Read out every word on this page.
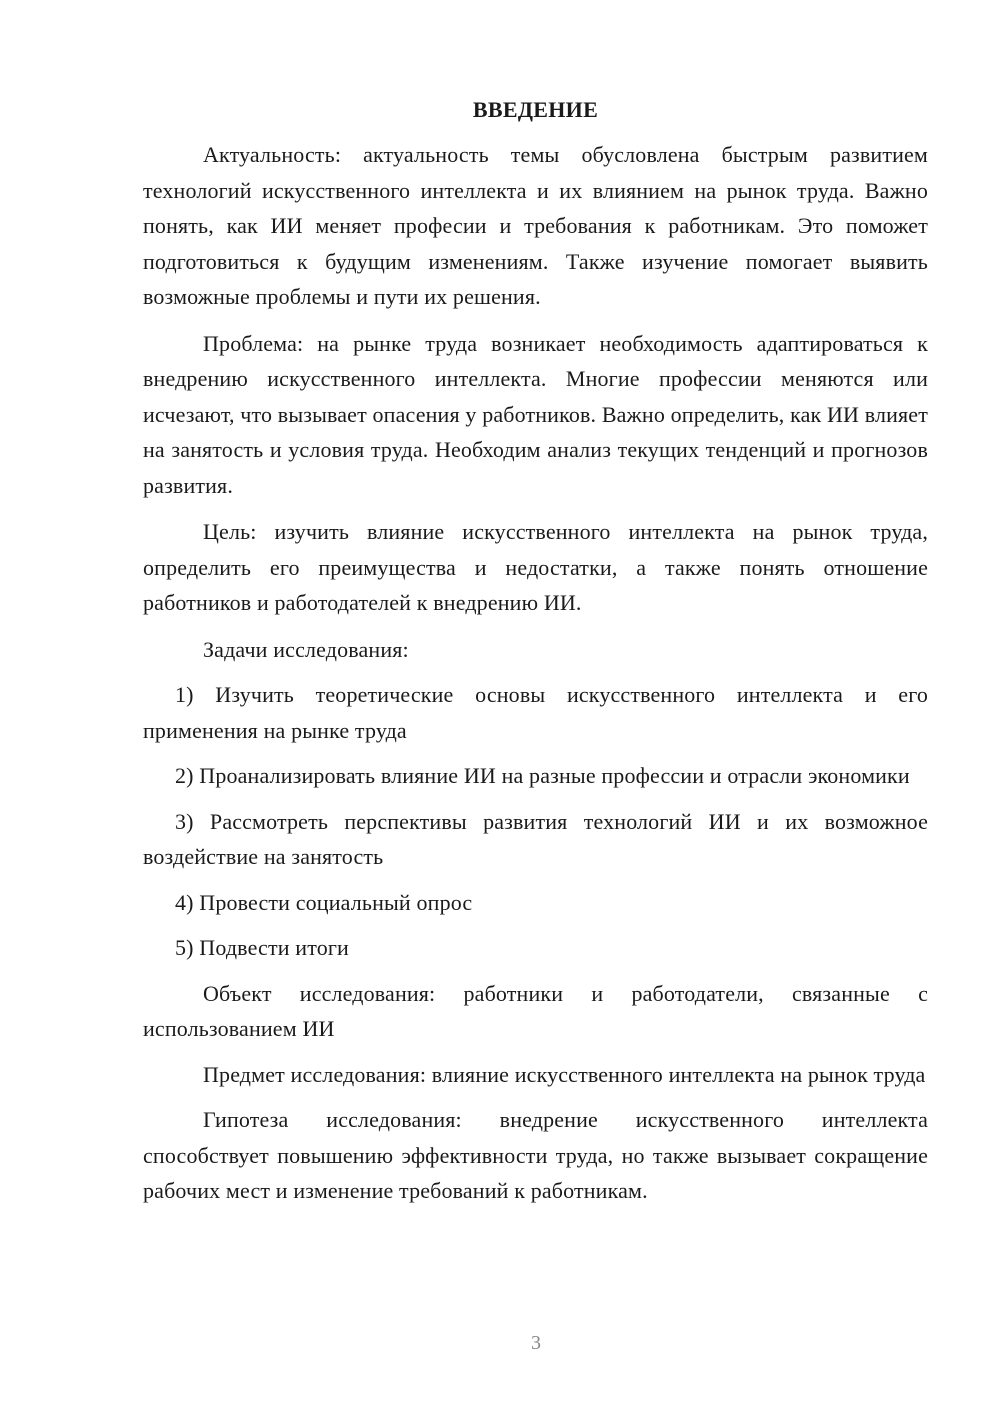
ВВЕДЕНИЕ

Актуальность: актуальность темы обусловлена быстрым развитием технологий искусственного интеллекта и их влиянием на рынок труда. Важно понять, как ИИ меняет професии и требования к работникам. Это поможет подготовиться к будущим изменениям. Также изучение помогает выявить возможные проблемы и пути их решения.

Проблема: на рынке труда возникает необходимость адаптироваться к внедрению искусственного интеллекта. Многие профессии меняются или исчезают, что вызывает опасения у работников. Важно определить, как ИИ влияет на занятость и условия труда. Необходим анализ текущих тенденций и прогнозов развития.

Цель: изучить влияние искусственного интеллекта на рынок труда, определить его преимущества и недостатки, а также понять отношение работников и работодателей к внедрению ИИ.

Задачи исследования:

1) Изучить теоретические основы искусственного интеллекта и его применения на рынке труда

2) Проанализировать влияние ИИ на разные профессии и отрасли экономики

3) Рассмотреть перспективы развития технологий ИИ и их возможное воздействие на занятость

4) Провести социальный опрос

5) Подвести итоги

Объект исследования: работники и работодатели, связанные с использованием ИИ

Предмет исследования: влияние искусственного интеллекта на рынок труда

Гипотеза исследования: внедрение искусственного интеллекта способствует повышению эффективности труда, но также вызывает сокращение рабочих мест и изменение требований к работникам.

3
